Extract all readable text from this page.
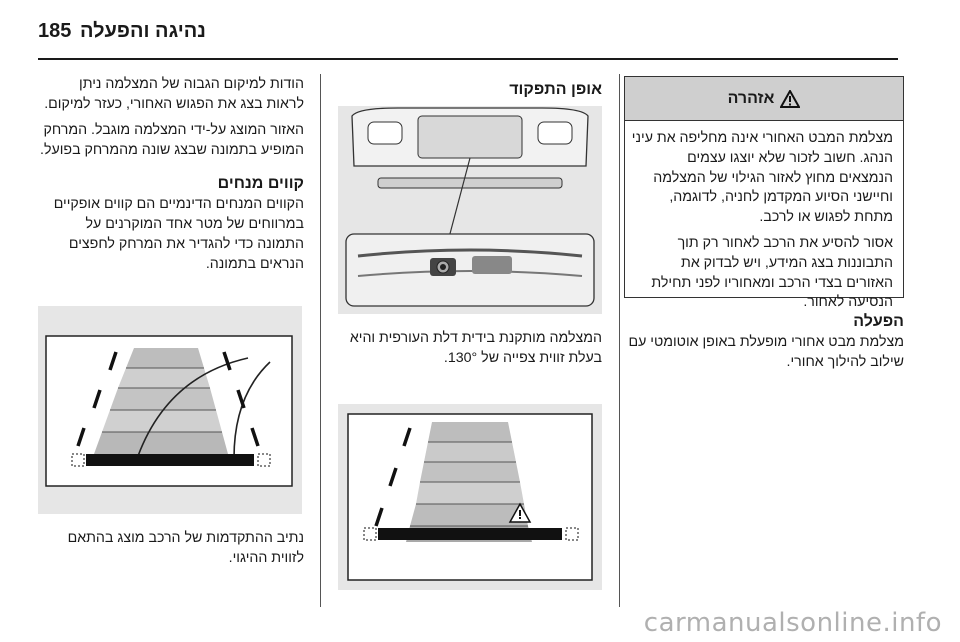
185 נהיגה והפעלה
אזהרה

מצלמת המבט האחורי אינה מחליפה את עיני הנהג. חשוב לזכור שלא יוצגו עצמים הנמצאים מחוץ לאזור הגילוי של המצלמה וחיישני הסיוע המקדמן לחניה, לדוגמה, מתחת לפגוש או לרכב.

אסור להסיע את הרכב לאחור רק תוך התבוננות בצג המידע, ויש לבדוק את האזורים בצדי הרכב ומאחוריו לפני תחילת הנסיעה לאחור.

הפעלה
מצלמת מבט אחורי מופעלת באופן אוטומטי עם שילוב להילוך אחורי.
אופן התפקוד
המצלמה מותקנת בידית דלת העורפית והיא בעלת זווית צפייה של 130°.

הודות למיקום הגבוה של המצלמה ניתן לראות בצג את הפגוש האחורי, כעזר למיקום.

האזור המוצג על-ידי המצלמה מוגבל. המרחק המופיע בתמונה שבצג שונה מהמרחק בפועל.

קווים מנחים

הקווים המנחים הדינמיים הם קווים אופקיים במרווחים של מטר אחד המוקרנים על התמונה כדי להגדיר את המרחק לחפצים הנראים בתמונה.

נתיב ההתקדמות של הרכב מוצג בהתאם לזווית ההיגוי.
carmanualsonline.info
